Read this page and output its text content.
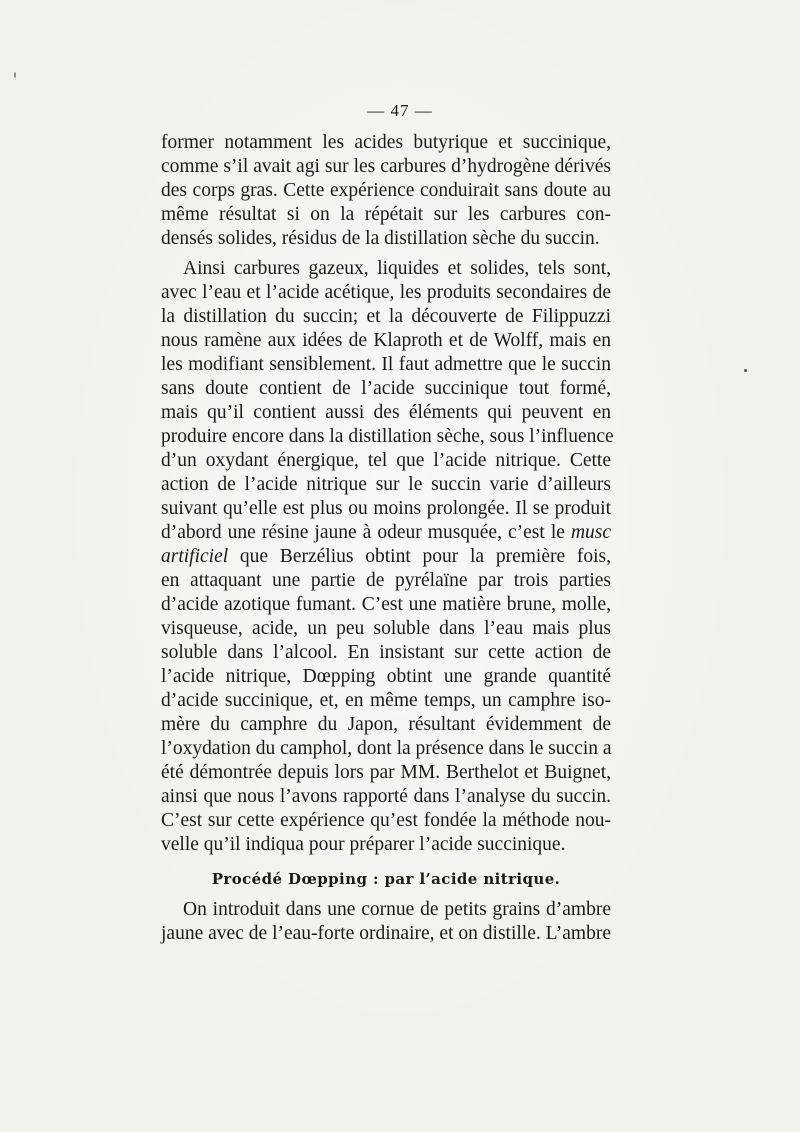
— 47 —
former notamment les acides butyrique et succinique,
comme s’il avait agi sur les carbures d’hydrogène dérivés
des corps gras. Cette expérience conduirait sans doute au
même résultat si on la répétait sur les carbures con-
densés solides, résidus de la distillation sèche du succin.
Ainsi carbures gazeux, liquides et solides, tels sont,
avec l’eau et l’acide acétique, les produits secondaires de
la distillation du succin; et la découverte de Filippuzzi
nous ramène aux idées de Klaproth et de Wolff, mais en
les modifiant sensiblement. Il faut admettre que le succin
sans doute contient de l’acide succinique tout formé,
mais qu’il contient aussi des éléments qui peuvent en
produire encore dans la distillation sèche, sous l’influence
d’un oxydant énergique, tel que l’acide nitrique. Cette
action de l’acide nitrique sur le succin varie d’ailleurs
suivant qu’elle est plus ou moins prolongée. Il se produit
d’abord une résine jaune à odeur musquée, c’est le musc
artificiel que Berzélius obtint pour la première fois,
en attaquant une partie de pyrélaïne par trois parties
d’acide azotique fumant. C’est une matière brune, molle,
visqueuse, acide, un peu soluble dans l’eau mais plus
soluble dans l’alcool. En insistant sur cette action de
l’acide nitrique, Dœpping obtint une grande quantité
d’acide succinique, et, en même temps, un camphre iso-
mère du camphre du Japon, résultant évidemment de
l’oxydation du camphol, dont la présence dans le succin a
été démontrée depuis lors par MM. Berthelot et Buignet,
ainsi que nous l’avons rapporté dans l’analyse du succin.
C’est sur cette expérience qu’est fondée la méthode nou-
velle qu’il indiqua pour préparer l’acide succinique.
Procédé Dœpping : par l’acide nitrique.
On introduit dans une cornue de petits grains d’ambre
jaune avec de l’eau-forte ordinaire, et on distille. L’ambre
